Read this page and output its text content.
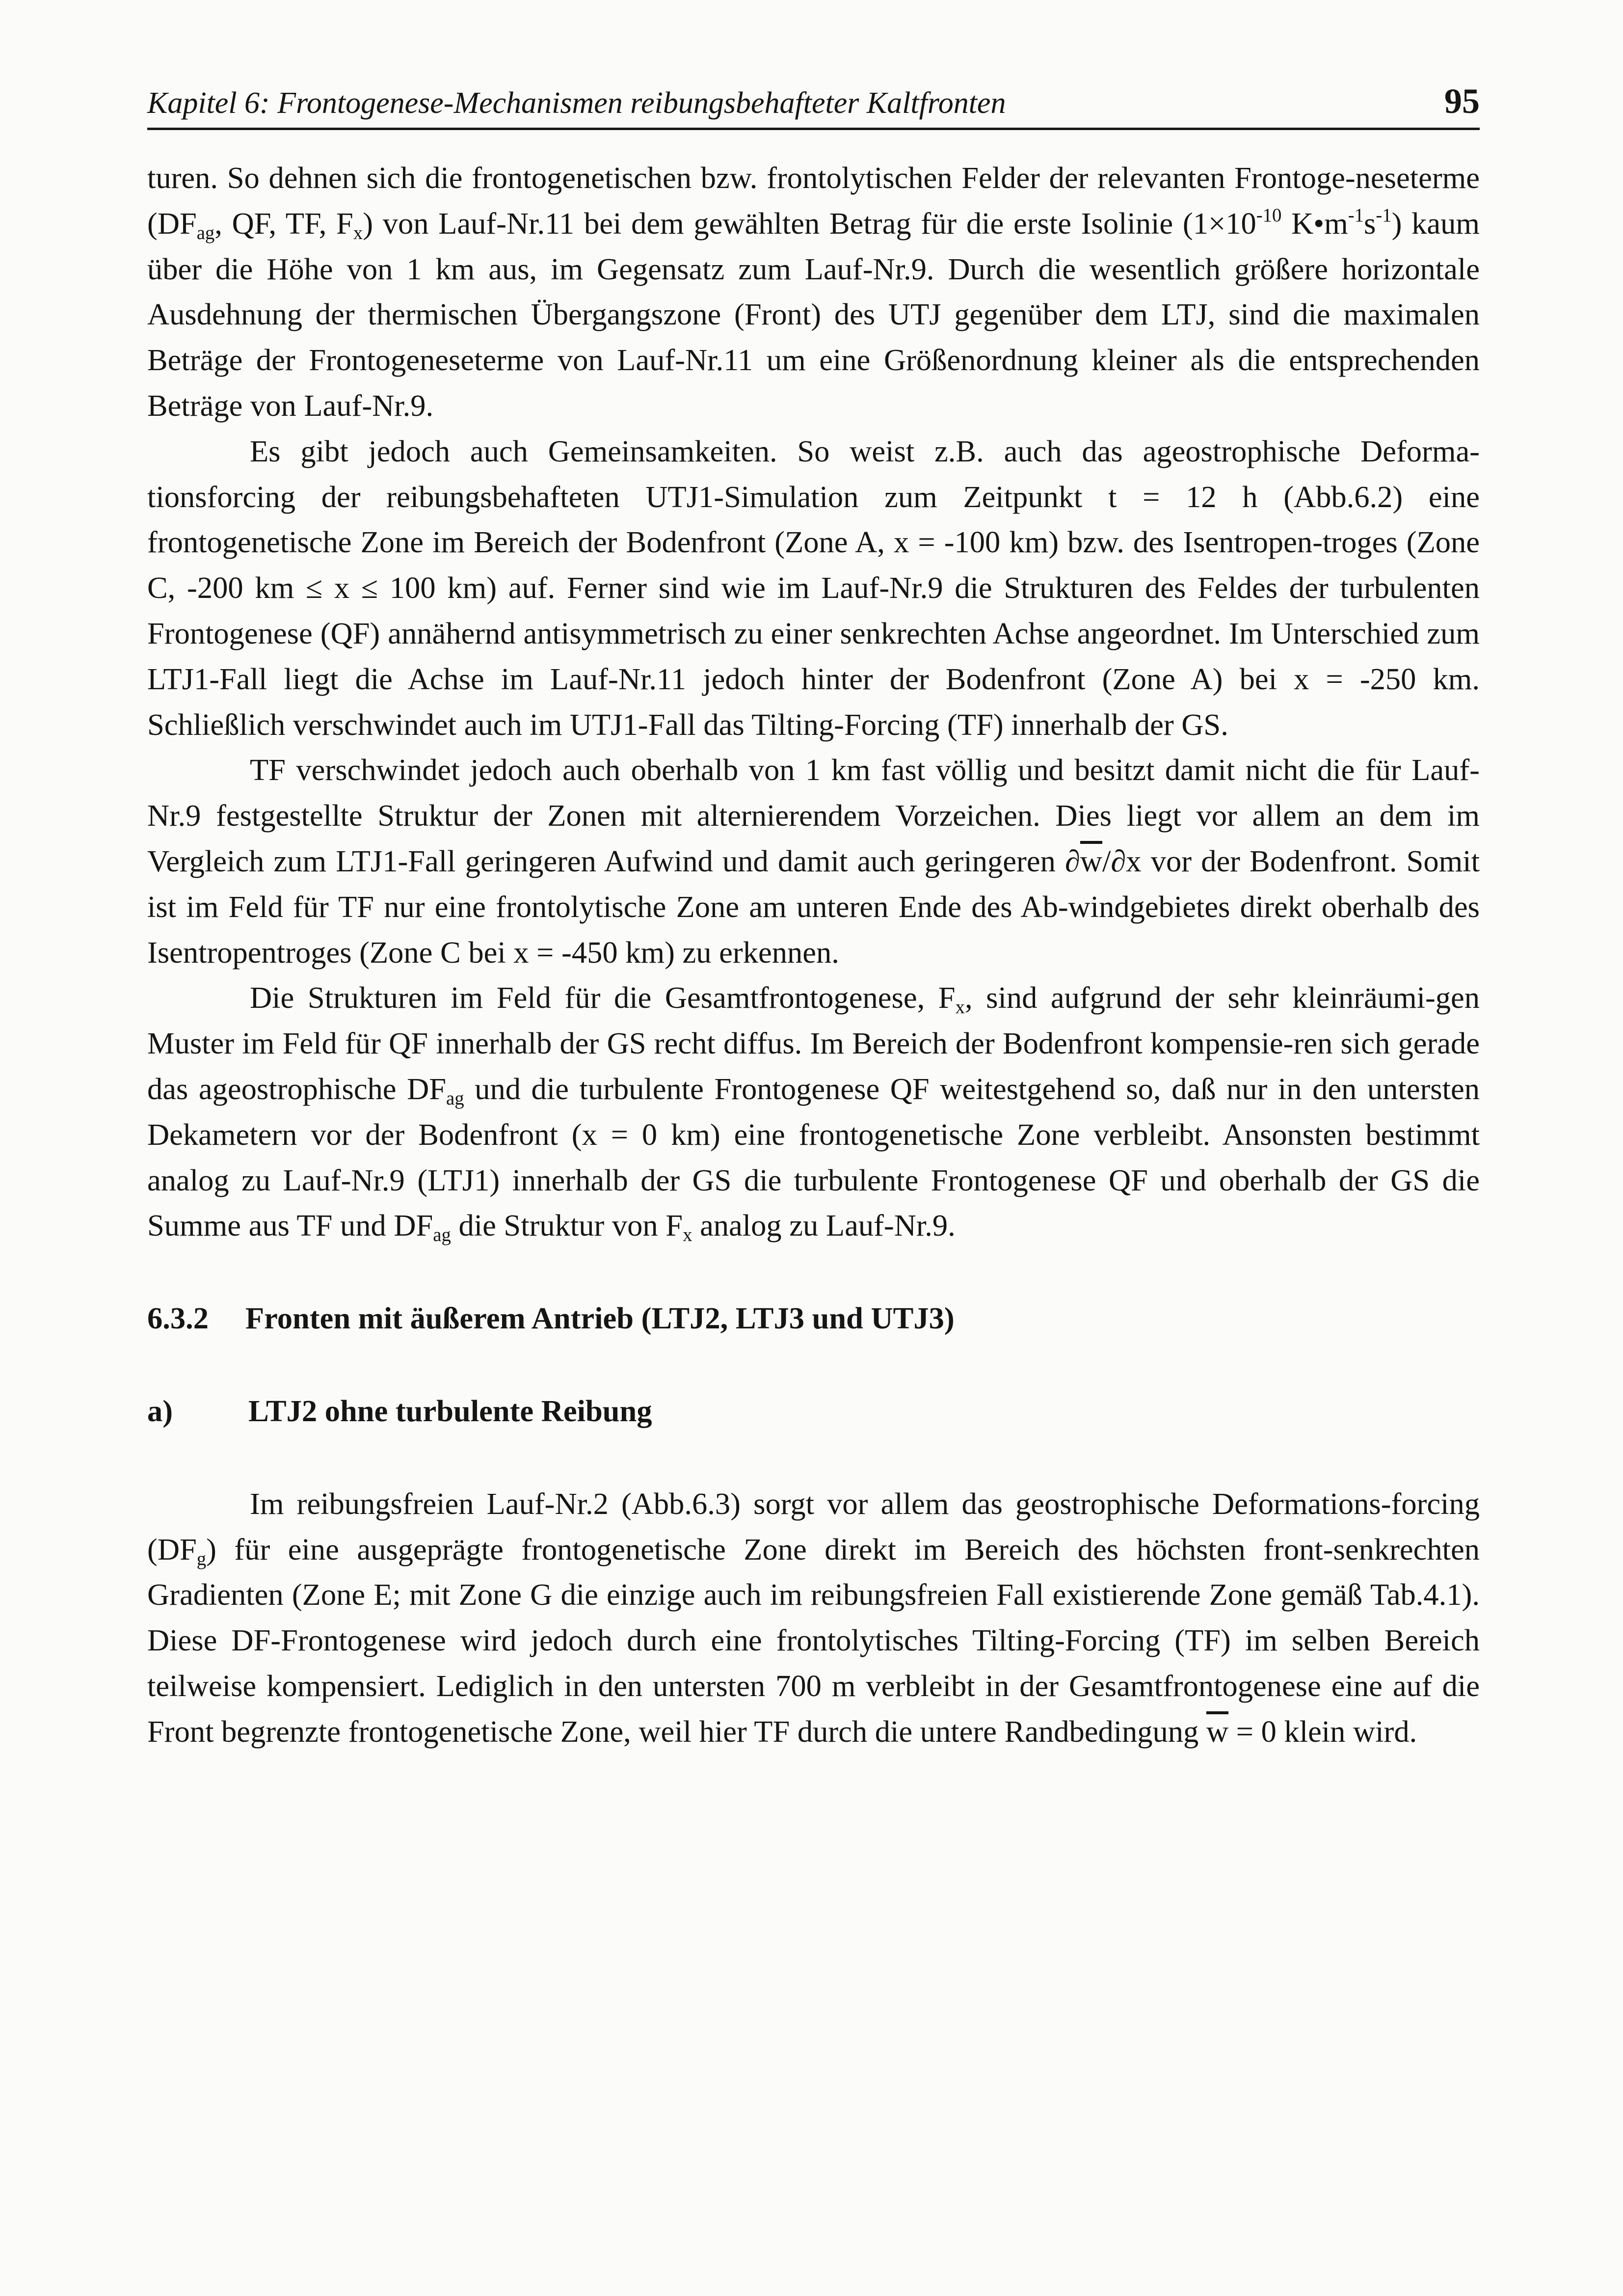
Kapitel 6: Frontogenese-Mechanismen reibungsbehafteter Kaltfronten	95

turen. So dehnen sich die frontogenetischen bzw. frontolytischen Felder der relevanten Frontoge-neseterme ($DF_{ag}$, QF, TF, $F_x$) von Lauf-Nr.11 bei dem gewählten Betrag für die erste Isolinie ($1\times 10^{-10}$ $K•m^{-1}s^{-1}$) kaum über die Höhe von 1 km aus, im Gegensatz zum Lauf-Nr.9. Durch die wesentlich größere horizontale Ausdehnung der thermischen Übergangszone (Front) des UTJ gegenüber dem LTJ, sind die maximalen Beträge der Frontogeneseterme von Lauf-Nr.11 um eine Größenordnung kleiner als die entsprechenden Beträge von Lauf-Nr.9.

Es gibt jedoch auch Gemeinsamkeiten. So weist z.B. auch das ageostrophische Deforma-tionsforcing der reibungsbehafteten UTJ1-Simulation zum Zeitpunkt t = 12 h (Abb.6.2) eine frontogenetische Zone im Bereich der Bodenfront (Zone A, x = -100 km) bzw. des Isentropen-troges (Zone C, -200 km ≤ x ≤ 100 km) auf. Ferner sind wie im Lauf-Nr.9 die Strukturen des Feldes der turbulenten Frontogenese (QF) annähernd antisymmetrisch zu einer senkrechten Achse angeordnet. Im Unterschied zum LTJ1-Fall liegt die Achse im Lauf-Nr.11 jedoch hinter der Bodenfront (Zone A) bei x = -250 km. Schließlich verschwindet auch im UTJ1-Fall das Tilting-Forcing (TF) innerhalb der GS.

TF verschwindet jedoch auch oberhalb von 1 km fast völlig und besitzt damit nicht die für Lauf-Nr.9 festgestellte Struktur der Zonen mit alternierendem Vorzeichen. Dies liegt vor allem an dem im Vergleich zum LTJ1-Fall geringeren Aufwind und damit auch geringeren $\partial\overline{w}/\partial x$ vor der Bodenfront. Somit ist im Feld für TF nur eine frontolytische Zone am unteren Ende des Ab-windgebietes direkt oberhalb des Isentropentroges (Zone C bei x = -450 km) zu erkennen.

Die Strukturen im Feld für die Gesamtfrontogenese, $F_x$, sind aufgrund der sehr kleinräumi-gen Muster im Feld für QF innerhalb der GS recht diffus. Im Bereich der Bodenfront kompensie-ren sich gerade das ageostrophische $DF_{ag}$ und die turbulente Frontogenese QF weitestgehend so, daß nur in den untersten Dekametern vor der Bodenfront (x = 0 km) eine frontogenetische Zone verbleibt. Ansonsten bestimmt analog zu Lauf-Nr.9 (LTJ1) innerhalb der GS die turbulente Frontogenese QF und oberhalb der GS die Summe aus TF und $DF_{ag}$ die Struktur von $F_x$ analog zu Lauf-Nr.9.

6.3.2 Fronten mit äußerem Antrieb (LTJ2, LTJ3 und UTJ3)
a) LTJ2 ohne turbulente Reibung

Im reibungsfreien Lauf-Nr.2 (Abb.6.3) sorgt vor allem das geostrophische Deformations-forcing $(DF_g)$ für eine ausgeprägte frontogenetische Zone direkt im Bereich des höchsten front-senkrechten Gradienten (Zone E; mit Zone G die einzige auch im reibungsfreien Fall existierende Zone gemäß Tab.4.1). Diese DF-Frontogenese wird jedoch durch eine frontolytisches Tilting-Forcing (TF) im selben Bereich teilweise kompensiert. Lediglich in den untersten 700 m verbleibt in der Gesamtfrontogenese eine auf die Front begrenzte frontogenetische Zone, weil hier TF durch die untere Randbedingung $\overline{w} = 0$ klein wird.
